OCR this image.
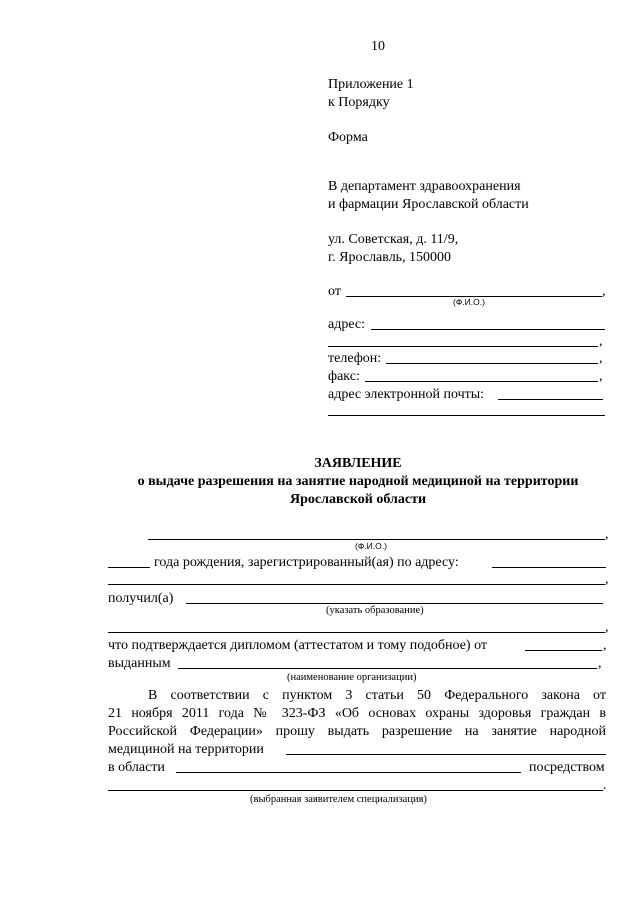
10
Приложение 1
к Порядку
Форма
В департамент здравоохранения
и фармации Ярославской области
ул. Советская, д. 11/9,
г. Ярославль, 150000
от	,
(Ф.И.О.)
адрес:
,
телефон:	,
факс:	,
адрес электронной почты:
ЗАЯВЛЕНИЕ
о выдаче разрешения на занятие народной медициной на территории
Ярославской области
,
(Ф.И.О.)
года рождения, зарегистрированный(ая) по адресу:
,
получил(а)
(указать образование)
,
что подтверждается дипломом (аттестатом и тому подобное) от	,
выданным	,
(наименование организации)
В соответствии с пунктом 3 статьи 50 Федерального закона от
21 ноября 2011 года № 323-ФЗ «Об основах охраны здоровья граждан в
Российской Федерации» прошу выдать разрешение на занятие народной
медициной на территории
в области	посредством
.
(выбранная заявителем специализация)
